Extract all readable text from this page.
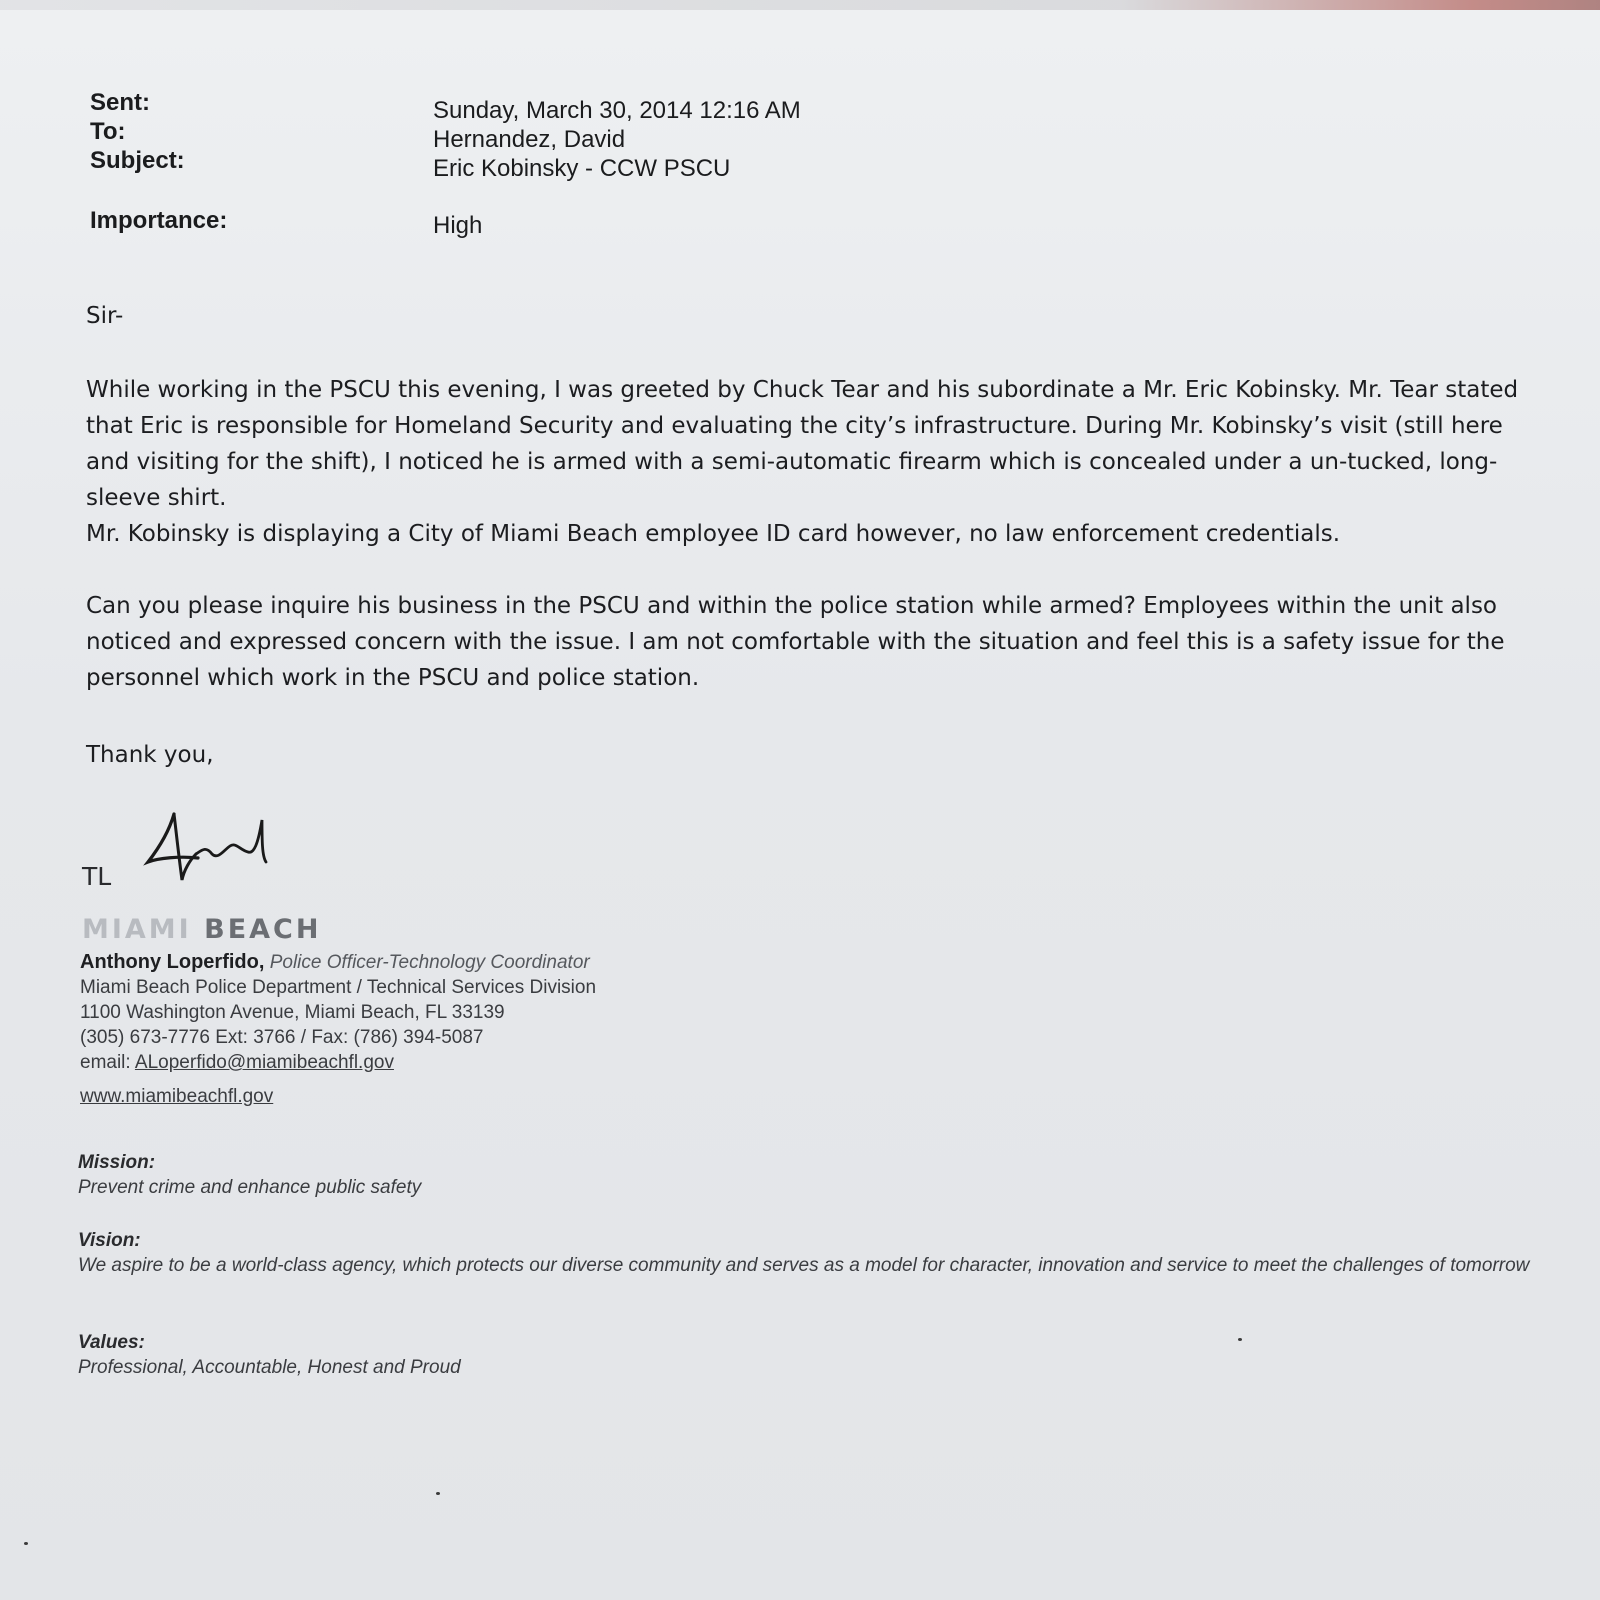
Sent:	Sunday, March 30, 2014 12:16 AM
To:	Hernandez, David
Subject:	Eric Kobinsky - CCW PSCU
Importance:	High

Sir-

While working in the PSCU this evening, I was greeted by Chuck Tear and his subordinate a Mr. Eric Kobinsky. Mr. Tear stated that Eric is responsible for Homeland Security and evaluating the city’s infrastructure. During Mr. Kobinsky’s visit (still here and visiting for the shift), I noticed he is armed with a semi-automatic firearm which is concealed under a un-tucked, long-sleeve shirt.

Mr. Kobinsky is displaying a City of Miami Beach employee ID card however, no law enforcement credentials.

Can you please inquire his business in the PSCU and within the police station while armed? Employees within the unit also noticed and expressed concern with the issue. I am not comfortable with the situation and feel this is a safety issue for the personnel which work in the PSCU and police station.

Thank you,

TL
MIAMI BEACH
Anthony Loperfido, Police Officer-Technology Coordinator
Miami Beach Police Department / Technical Services Division
1100 Washington Avenue, Miami Beach, FL 33139
(305) 673-7776 Ext: 3766 / Fax: (786) 394-5087
email: ALoperfido@miamibeachfl.gov
www.miamibeachfl.gov
Mission:
Prevent crime and enhance public safety
Vision:
We aspire to be a world-class agency, which protects our diverse community and serves as a model for character, innovation and service to meet the challenges of tomorrow
Values:
Professional, Accountable, Honest and Proud
